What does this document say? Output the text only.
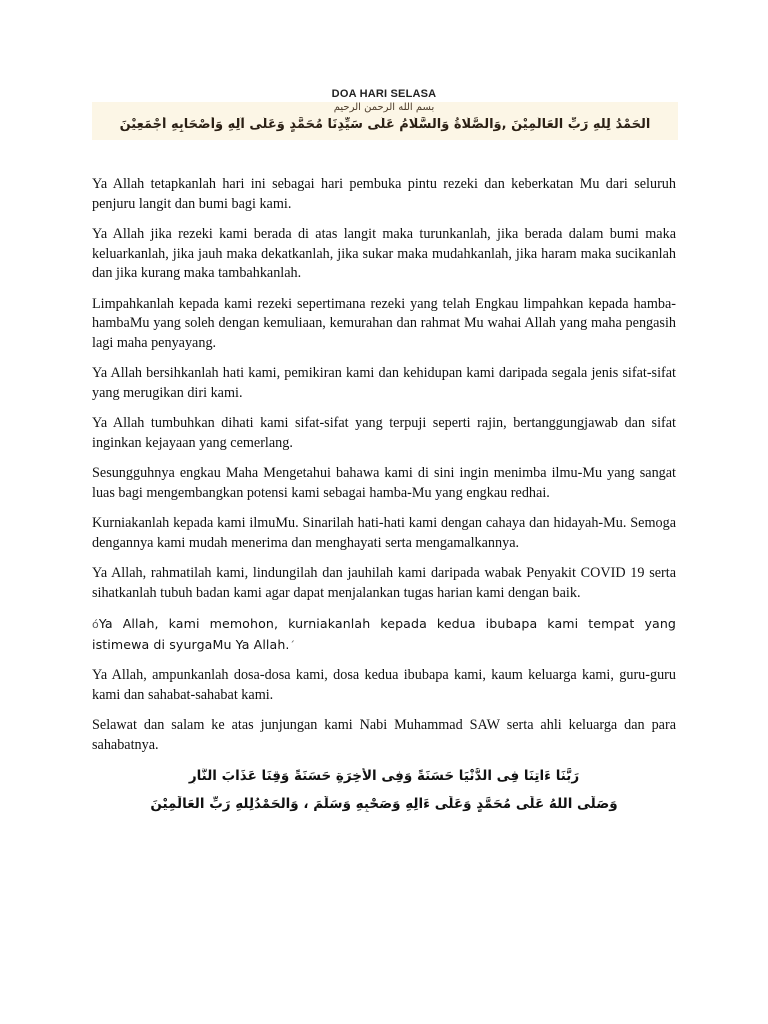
DOA HARI SELASA
بسم الله الرحمن الرحيم
اَلْحَمْدُ لِلّٰهِ رَبِّ الْعَالَمِيْنَ ,وَالصَّلَاةُ وَالسَّلَامُ عَلَى سَيِّدِنَا مُحَمَّدٍ وَعَلَى آلِهِ وَأَصْحَابِهِ أَجْمَعِيْنَ

Ya Allah tetapkanlah hari ini sebagai hari pembuka pintu rezeki dan keberkatan Mu dari seluruh penjuru langit dan bumi bagi kami.

Ya Allah jika rezeki kami berada di atas langit maka turunkanlah, jika berada dalam bumi maka keluarkanlah, jika jauh maka dekatkanlah, jika sukar maka mudahkanlah, jika haram maka sucikanlah dan jika kurang maka tambahkanlah.

Limpahkanlah kepada kami rezeki sepertimana rezeki yang telah Engkau limpahkan kepada hamba-hambaMu yang soleh dengan kemuliaan, kemurahan dan rahmat Mu wahai Allah yang maha pengasih lagi maha penyayang.

Ya Allah bersihkanlah hati kami, pemikiran kami dan kehidupan kami daripada segala jenis sifat-sifat yang merugikan diri kami.

Ya Allah tumbuhkan dihati kami sifat-sifat yang terpuji seperti rajin, bertanggungjawab dan sifat inginkan kejayaan yang cemerlang.

Sesungguhnya engkau Maha Mengetahui bahawa kami di sini ingin menimba ilmu-Mu yang sangat luas bagi mengembangkan potensi kami sebagai hamba-Mu yang engkau redhai.

Kurniakanlah kepada kami ilmuMu. Sinarilah hati-hati kami dengan cahaya dan hidayah-Mu. Semoga dengannya kami mudah menerima dan menghayati serta mengamalkannya.

Ya Allah, rahmatilah kami, lindungilah dan jauhilah kami daripada wabak Penyakit COVID 19 serta sihatkanlah tubuh badan kami agar dapat menjalankan tugas harian kami dengan baik.

όYa Allah, kami memohon, kurniakanlah kepada kedua ibubapa kami tempat yang istimewa di syurgaMu Ya Allah.΄

Ya Allah, ampunkanlah dosa-dosa kami, dosa kedua ibubapa kami, kaum keluarga kami, guru-guru kami dan sahabat-sahabat kami.

Selawat dan salam ke atas junjungan kami Nabi Muhammad SAW serta ahli keluarga dan para sahabatnya.

رَبَّنَا ءَاتِنَا فِى الدُّنْيَا حَسَنَةً وَفِى الأَخِرَةِ حَسَنَةً وَقِنَا عَذَابَ النَّارِ
وَصَلَّى اللهُ عَلَى مُحَمَّدٍ وَعَلَى ءَالِهِ وَصَحْبِهِ وَسَلَّمَ ، وَالحَمْدُلِلهِ رَبِّ العَالَمِيْنَ
